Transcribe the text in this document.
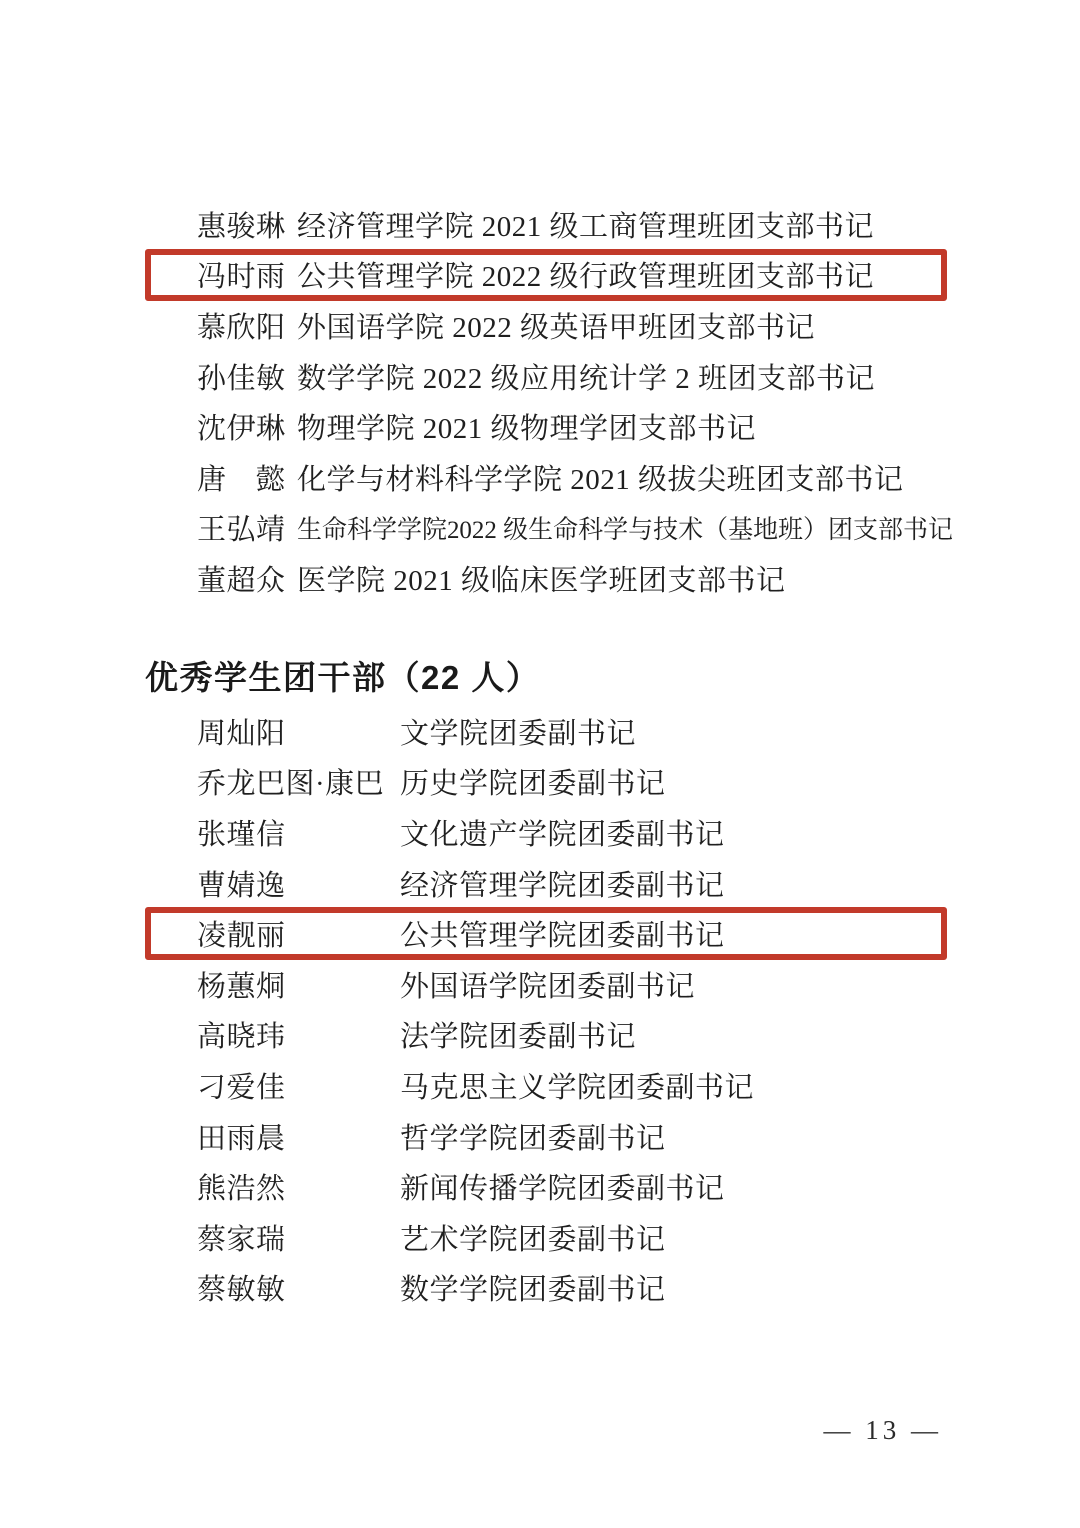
惠骏琳 经济管理学院 2021 级工商管理班团支部书记
冯时雨 公共管理学院 2022 级行政管理班团支部书记
慕欣阳 外国语学院 2022 级英语甲班团支部书记
孙佳敏 数学学院 2022 级应用统计学 2 班团支部书记
沈伊琳 物理学院 2021 级物理学团支部书记
唐　懿 化学与材料科学学院 2021 级拔尖班团支部书记
王弘靖 生命科学学院2022 级生命科学与技术（基地班）团支部书记
董超众 医学院 2021 级临床医学班团支部书记
优秀学生团干部（22 人）
周灿阳	文学院团委副书记
乔龙巴图·康巴 历史学院团委副书记
张瑾信	文化遗产学院团委副书记
曹婧逸	经济管理学院团委副书记
凌靓丽	公共管理学院团委副书记
杨蕙烔	外国语学院团委副书记
高晓玮	法学院团委副书记
刁爱佳	马克思主义学院团委副书记
田雨晨	哲学学院团委副书记
熊浩然	新闻传播学院团委副书记
蔡家瑞	艺术学院团委副书记
蔡敏敏	数学学院团委副书记
— 13 —
